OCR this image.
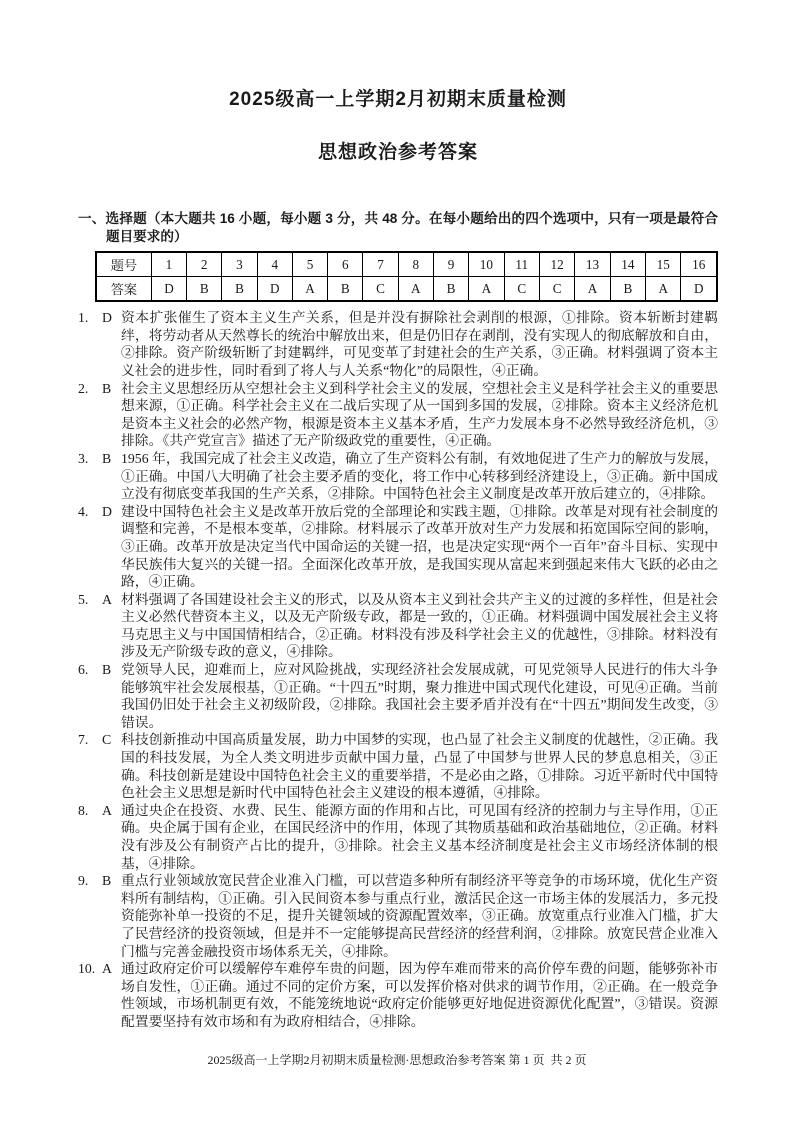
2025级高一上学期2月初期末质量检测
思想政治参考答案
一、选择题（本大题共 16 小题，每小题 3 分，共 48 分。在每小题给出的四个选项中，只有一项是最符合题目要求的）
题号	1	2	3	4	5	6	7	8	9	10	11	12	13	14	15	16
答案	D	B	B	D	A	B	C	A	B	A	C	C	A	B	A	D
1. D 资本扩张催生了资本主义生产关系，但是并没有摒除社会剥削的根源，①排除。资本斩断封建羁绊，将劳动者从天然尊长的统治中解放出来，但是仍旧存在剥削，没有实现人的彻底解放和自由，②排除。资产阶级斩断了封建羁绊，可见变革了封建社会的生产关系，③正确。材料强调了资本主义社会的进步性，同时看到了将人与人关系“物化”的局限性，④正确。
2. B 社会主义思想经历从空想社会主义到科学社会主义的发展，空想社会主义是科学社会主义的重要思想来源，①正确。科学社会主义在二战后实现了从一国到多国的发展，②排除。资本主义经济危机是资本主义社会的必然产物，根源是资本主义基本矛盾，生产力发展本身不必然导致经济危机，③排除。《共产党宣言》描述了无产阶级政党的重要性，④正确。
3. B 1956 年，我国完成了社会主义改造，确立了生产资料公有制，有效地促进了生产力的解放与发展，①正确。中国八大明确了社会主要矛盾的变化，将工作中心转移到经济建设上，③正确。新中国成立没有彻底变革我国的生产关系，②排除。中国特色社会主义制度是改革开放后建立的，④排除。
4. D 建设中国特色社会主义是改革开放后党的全部理论和实践主题，①排除。改革是对现有社会制度的调整和完善，不是根本变革，②排除。材料展示了改革开放对生产力发展和拓宽国际空间的影响，③正确。改革开放是决定当代中国命运的关键一招，也是决定实现“两个一百年”奋斗目标、实现中华民族伟大复兴的关键一招。全面深化改革开放，是我国实现从富起来到强起来伟大飞跃的必由之路，④正确。
5. A 材料强调了各国建设社会主义的形式，以及从资本主义到社会共产主义的过渡的多样性，但是社会主义必然代替资本主义，以及无产阶级专政，都是一致的，①正确。材料强调中国发展社会主义将马克思主义与中国国情相结合，②正确。材料没有涉及科学社会主义的优越性，③排除。材料没有涉及无产阶级专政的意义，④排除。
6. B 党领导人民，迎难而上，应对风险挑战，实现经济社会发展成就，可见党领导人民进行的伟大斗争能够筑牢社会发展根基，①正确。“十四五”时期，聚力推进中国式现代化建设，可见④正确。当前我国仍旧处于社会主义初级阶段，②排除。我国社会主要矛盾并没有在“十四五”期间发生改变，③错误。
7. C 科技创新推动中国高质量发展，助力中国梦的实现，也凸显了社会主义制度的优越性，②正确。我国的科技发展，为全人类文明进步贡献中国力量，凸显了中国梦与世界人民的梦息息相关，③正确。科技创新是建设中国特色社会主义的重要举措，不是必由之路，①排除。习近平新时代中国特色社会主义思想是新时代中国特色社会主义建设的根本遵循，④排除。
8. A 通过央企在投资、水费、民生、能源方面的作用和占比，可见国有经济的控制力与主导作用，①正确。央企属于国有企业，在国民经济中的作用，体现了其物质基础和政治基础地位，②正确。材料没有涉及公有制资产占比的提升，③排除。社会主义基本经济制度是社会主义市场经济体制的根基，④排除。
9. B 重点行业领域放宽民营企业准入门槛，可以营造多种所有制经济平等竞争的市场环境，优化生产资料所有制结构，①正确。引入民间资本参与重点行业，激活民企这一市场主体的发展活力，多元投资能弥补单一投资的不足，提升关键领域的资源配置效率，③正确。放宽重点行业准入门槛，扩大了民营经济的投资领域，但是并不一定能够提高民营经济的经营利润，②排除。放宽民营企业准入门槛与完善金融投资市场体系无关，④排除。
10. A 通过政府定价可以缓解停车难停车贵的问题，因为停车难而带来的高价停车费的问题，能够弥补市场自发性，①正确。通过不同的定价方案，可以发挥价格对供求的调节作用，②正确。在一般竞争性领域，市场机制更有效，不能笼统地说“政府定价能够更好地促进资源优化配置”，③错误。资源配置要坚持有效市场和有为政府相结合，④排除。
2025级高一上学期2月初期末质量检测·思想政治参考答案 第 1 页  共 2 页
